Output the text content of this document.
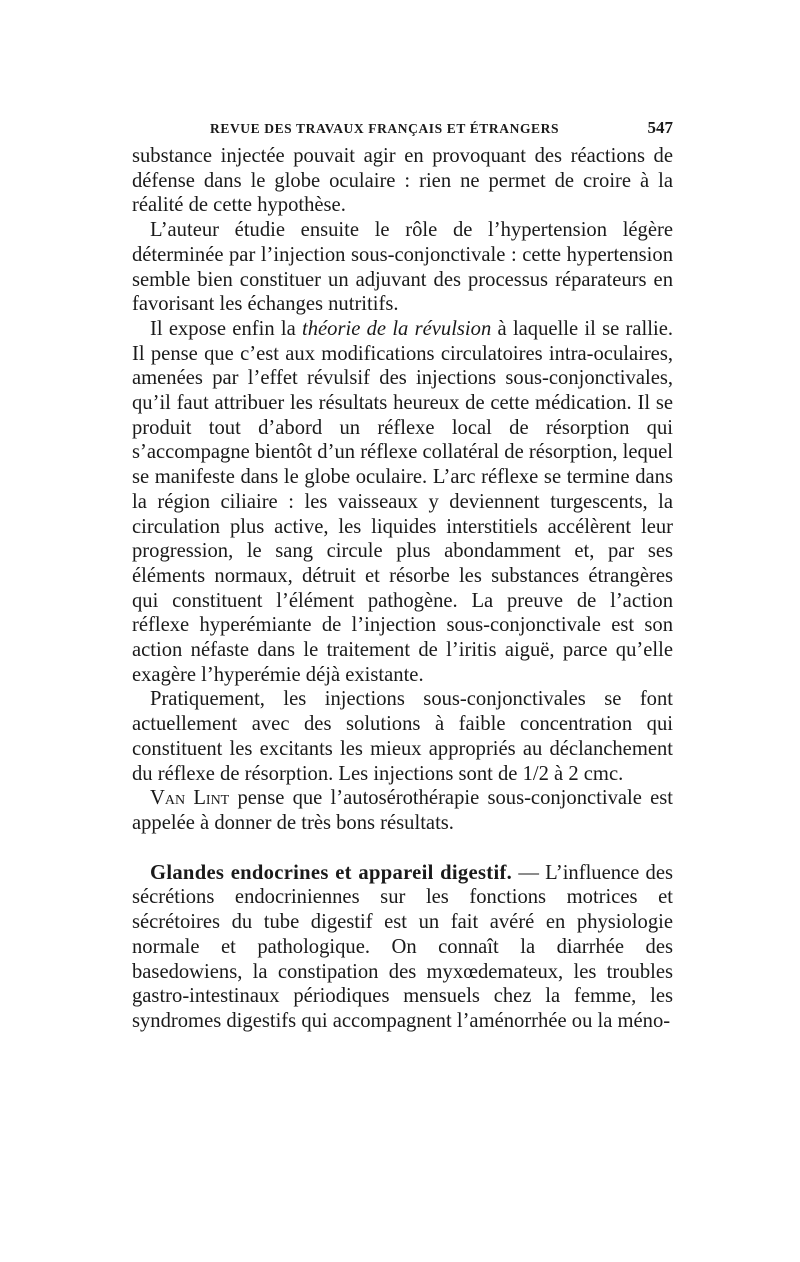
REVUE DES TRAVAUX FRANÇAIS ET ÉTRANGERS	547

substance injectée pouvait agir en provoquant des réactions de défense dans le globe oculaire : rien ne permet de croire à la réalité de cette hypothèse.

L’auteur étudie ensuite le rôle de l’hypertension légère déterminée par l’injection sous-conjonctivale : cette hypertension semble bien constituer un adjuvant des processus réparateurs en favorisant les échanges nutritifs.

Il expose enfin la théorie de la révulsion à laquelle il se rallie. Il pense que c’est aux modifications circulatoires intra-oculaires, amenées par l’effet révulsif des injections sous-conjonctivales, qu’il faut attribuer les résultats heureux de cette médication. Il se produit tout d’abord un réflexe local de résorption qui s’accompagne bientôt d’un réflexe collatéral de résorption, lequel se manifeste dans le globe oculaire. L’arc réflexe se termine dans la région ciliaire : les vaisseaux y deviennent turgescents, la circulation plus active, les liquides interstitiels accélèrent leur progression, le sang circule plus abondamment et, par ses éléments normaux, détruit et résorbe les substances étrangères qui constituent l’élément pathogène. La preuve de l’action réflexe hyperémiante de l’injection sous-conjonctivale est son action néfaste dans le traitement de l’iritis aiguë, parce qu’elle exagère l’hyperémie déjà existante.

Pratiquement, les injections sous-conjonctivales se font actuellement avec des solutions à faible concentration qui constituent les excitants les mieux appropriés au déclanchement du réflexe de résorption. Les injections sont de 1/2 à 2 cmc.

Van Lint pense que l’autosérothérapie sous-conjonctivale est appelée à donner de très bons résultats.

Glandes endocrines et appareil digestif. — L’influence des sécrétions endocriniennes sur les fonctions motrices et sécrétoires du tube digestif est un fait avéré en physiologie normale et pathologique. On connaît la diarrhée des basedowiens, la constipation des myxœdemateux, les troubles gastro-intestinaux périodiques mensuels chez la femme, les syndromes digestifs qui accompagnent l’aménorrhée ou la méno-
